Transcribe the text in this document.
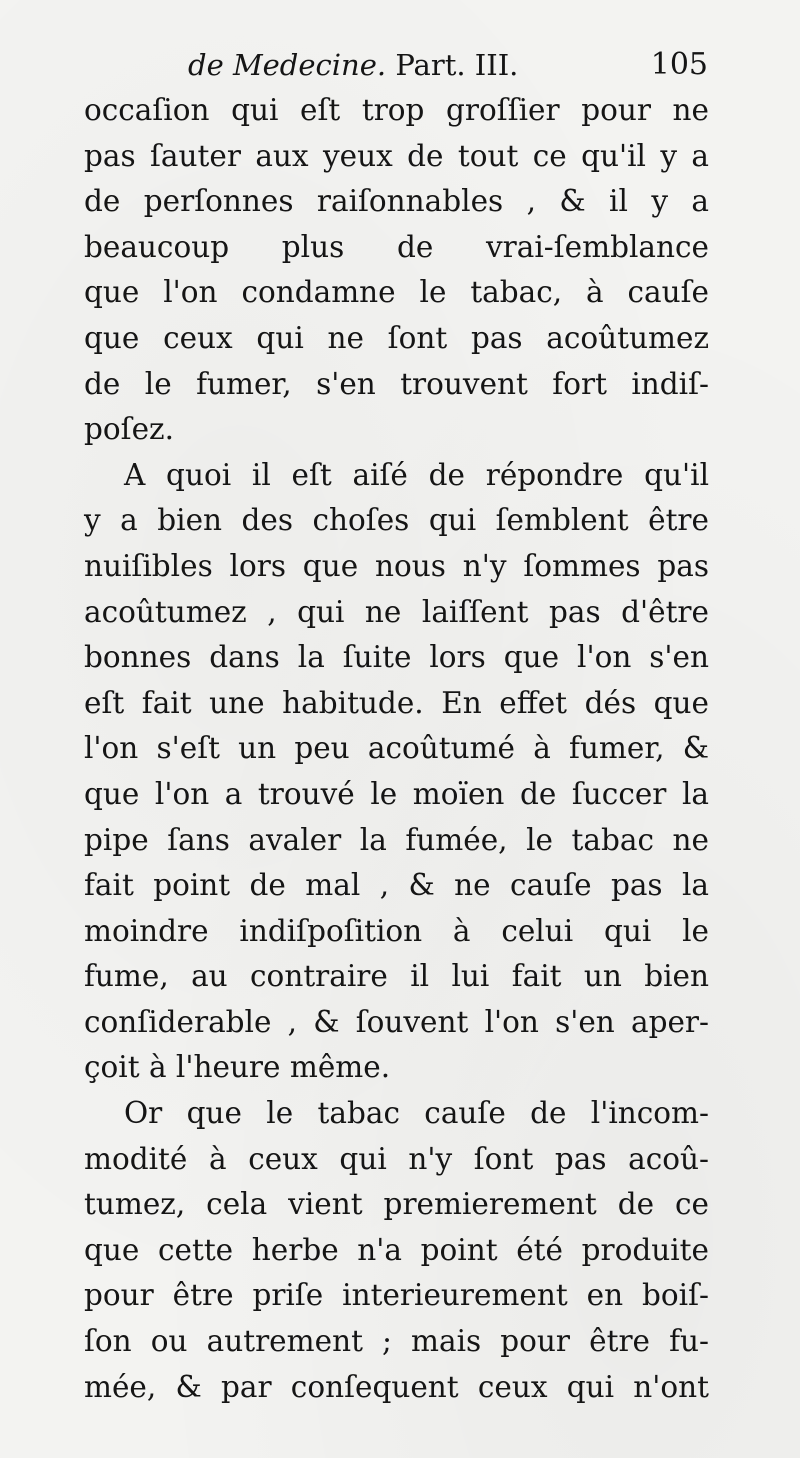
de Medecine. Part. III.	105
occaſion qui eſt trop groſſier pour ne
pas ſauter aux yeux de tout ce qu'il y a
de perſonnes raiſonnables , & il y a
beaucoup plus de vrai-ſemblance
que l'on condamne le tabac, à cauſe
que ceux qui ne ſont pas acoûtumez
de le fumer, s'en trouvent fort indiſ-
poſez.
A quoi il eſt aiſé de répondre qu'il
y a bien des choſes qui ſemblent être
nuiſibles lors que nous n'y ſommes pas
acoûtumez , qui ne laiſſent pas d'être
bonnes dans la ſuite lors que l'on s'en
eſt fait une habitude. En effet dés que
l'on s'eſt un peu acoûtumé à fumer, &
que l'on a trouvé le moïen de ſuccer la
pipe ſans avaler la fumée, le tabac ne
fait point de mal , & ne cauſe pas la
moindre indiſpoſition à celui qui le
fume, au contraire il lui fait un bien
conſiderable , & ſouvent l'on s'en aper-
çoit à l'heure même.
Or que le tabac cauſe de l'incom-
modité à ceux qui n'y ſont pas acoû-
tumez, cela vient premierement de ce
que cette herbe n'a point été produite
pour être priſe interieurement en boiſ-
ſon ou autrement ; mais pour être fu-
mée, & par conſequent ceux qui n'ont
